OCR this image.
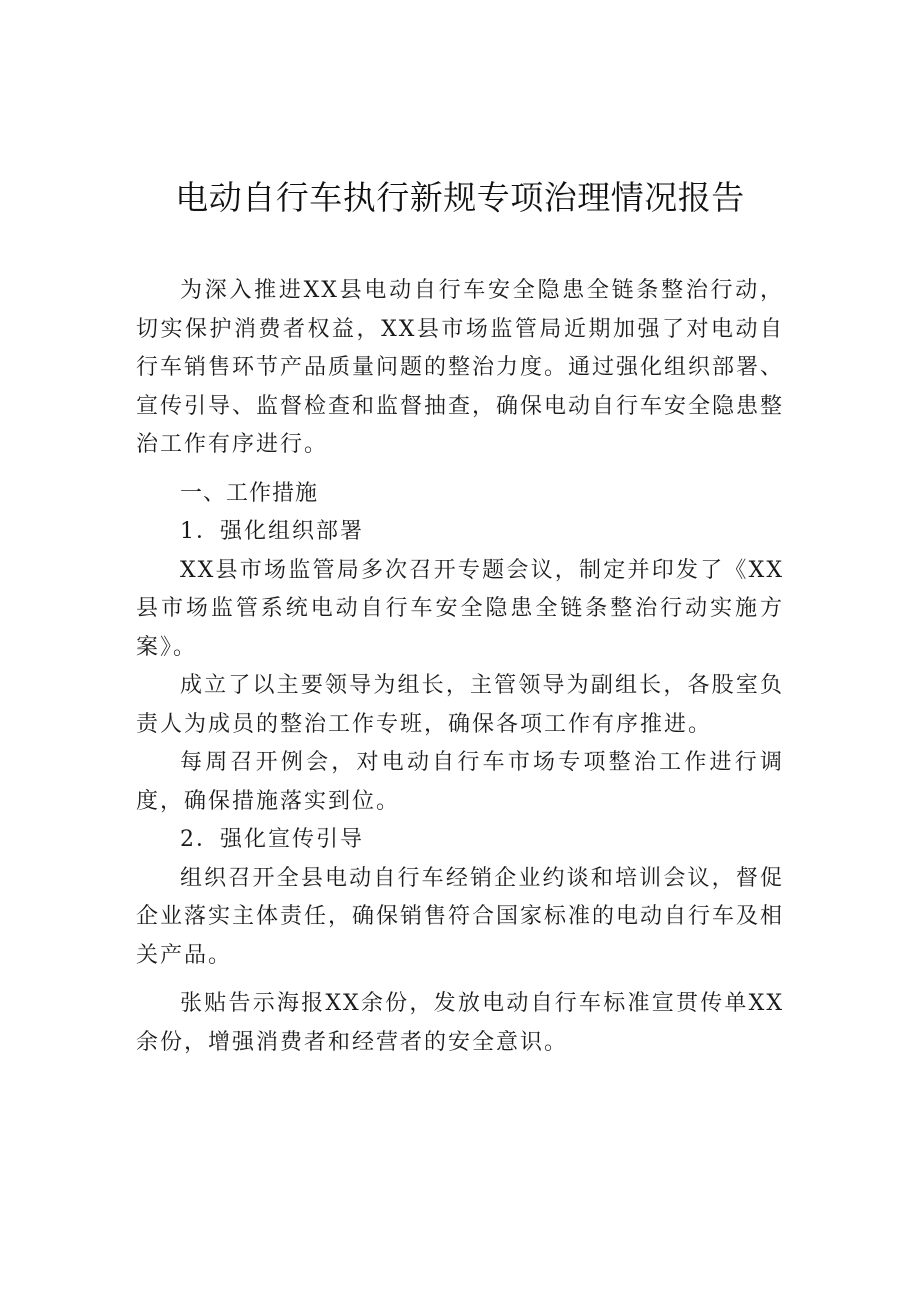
电动自行车执行新规专项治理情况报告

为深入推进XX县电动自行车安全隐患全链条整治行动，切实保护消费者权益，XX县市场监管局近期加强了对电动自行车销售环节产品质量问题的整治力度。通过强化组织部署、宣传引导、监督检查和监督抽查，确保电动自行车安全隐患整治工作有序进行。

一、工作措施

1．强化组织部署

XX县市场监管局多次召开专题会议，制定并印发了《XX县市场监管系统电动自行车安全隐患全链条整治行动实施方案》。

成立了以主要领导为组长，主管领导为副组长，各股室负责人为成员的整治工作专班，确保各项工作有序推进。

每周召开例会，对电动自行车市场专项整治工作进行调度，确保措施落实到位。

2．强化宣传引导

组织召开全县电动自行车经销企业约谈和培训会议，督促企业落实主体责任，确保销售符合国家标准的电动自行车及相关产品。

张贴告示海报XX余份，发放电动自行车标准宣贯传单XX余份，增强消费者和经营者的安全意识。
